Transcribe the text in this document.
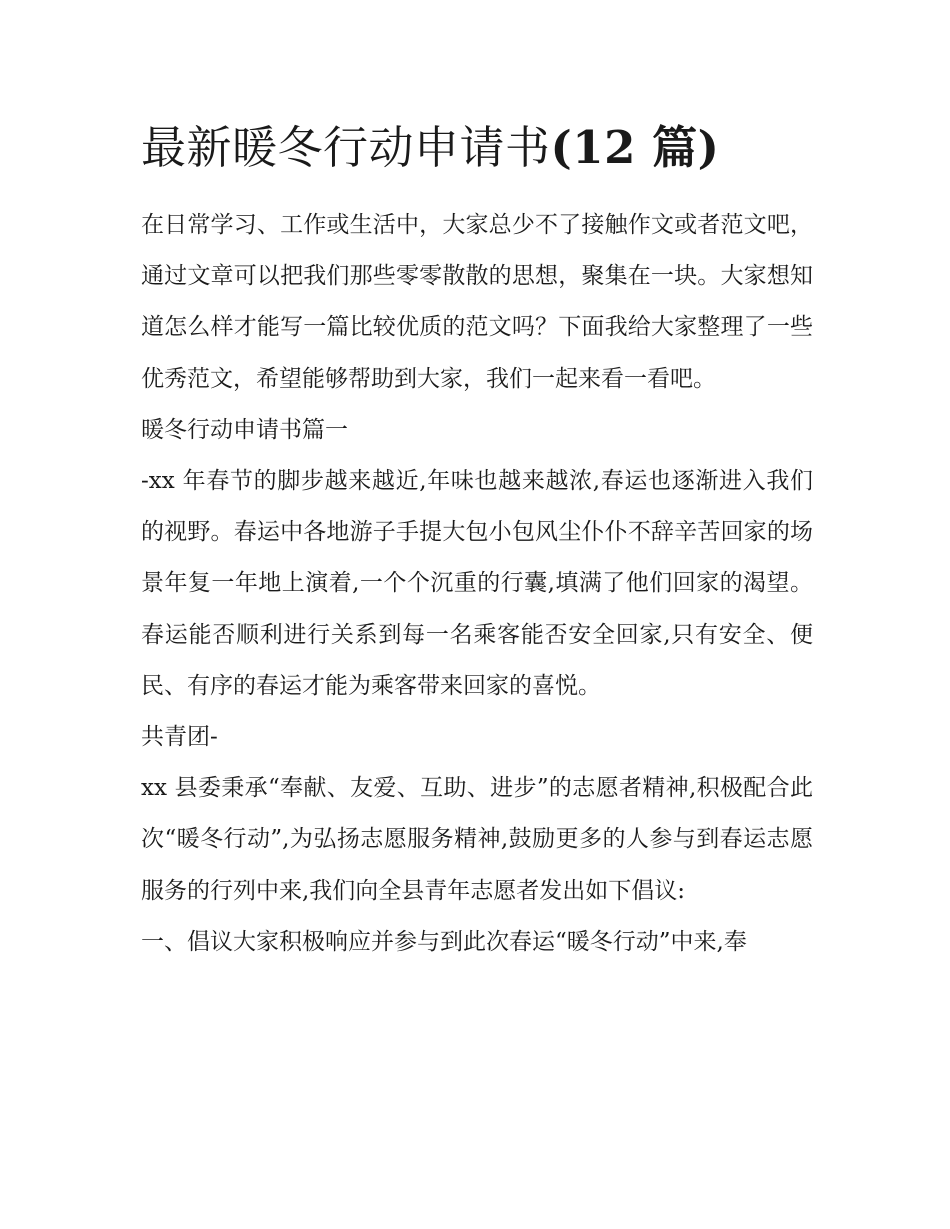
最新暖冬行动申请书(12 篇)

在日常学习、工作或生活中，大家总少不了接触作文或者范文吧，通过文章可以把我们那些零零散散的思想，聚集在一块。大家想知道怎么样才能写一篇比较优质的范文吗？下面我给大家整理了一些优秀范文，希望能够帮助到大家，我们一起来看一看吧。

暖冬行动申请书篇一

-xx 年春节的脚步越来越近,年味也越来越浓,春运也逐渐进入我们的视野。春运中各地游子手提大包小包风尘仆仆不辞辛苦回家的场景年复一年地上演着,一个个沉重的行囊,填满了他们回家的渴望。春运能否顺利进行关系到每一名乘客能否安全回家,只有安全、便民、有序的春运才能为乘客带来回家的喜悦。

共青团-

xx 县委秉承“奉献、友爱、互助、进步”的志愿者精神,积极配合此次“暖冬行动”,为弘扬志愿服务精神,鼓励更多的人参与到春运志愿服务的行列中来,我们向全县青年志愿者发出如下倡议:

一、倡议大家积极响应并参与到此次春运“暖冬行动”中来,奉
